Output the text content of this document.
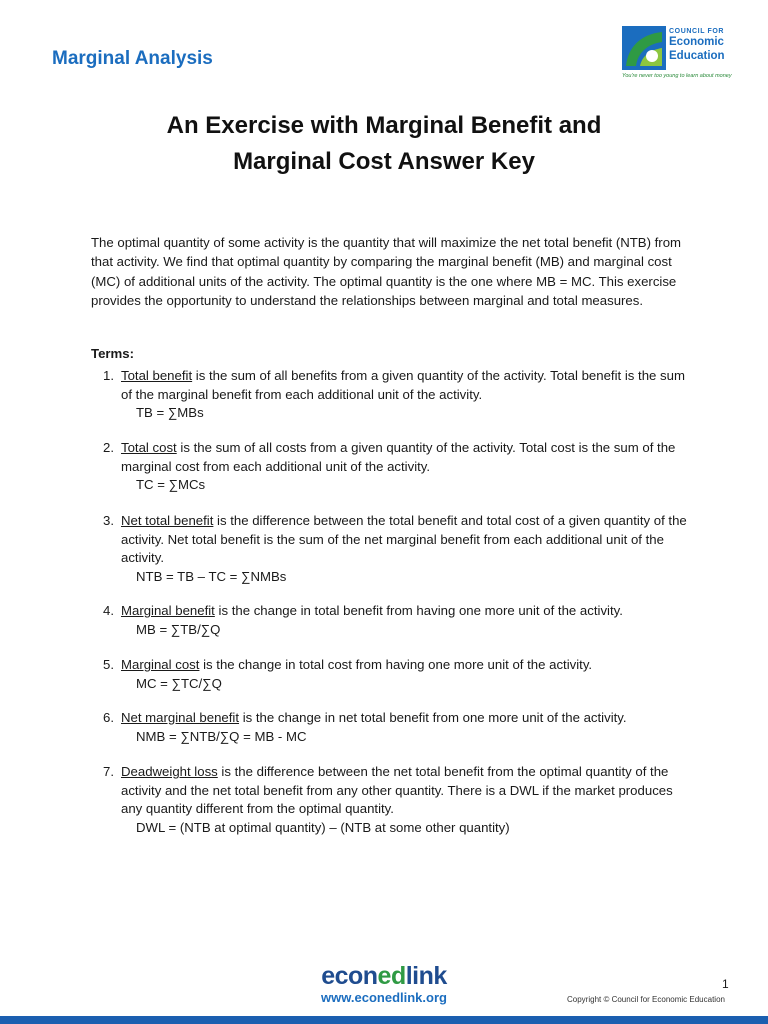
Marginal Analysis
COUNCIL FOR
Economic
Education
You're never too young to learn about money
An Exercise with Marginal Benefit and
Marginal Cost Answer Key

The optimal quantity of some activity is the quantity that will maximize the net total benefit (NTB) from that activity. We find that optimal quantity by comparing the marginal benefit (MB) and marginal cost (MC) of additional units of the activity. The optimal quantity is the one where MB = MC. This exercise provides the opportunity to understand the relationships between marginal and total measures.

Terms:
1. Total benefit is the sum of all benefits from a given quantity of the activity. Total benefit is the sum of the marginal benefit from each additional unit of the activity.
TB = ∑MBs
2. Total cost is the sum of all costs from a given quantity of the activity. Total cost is the sum of the marginal cost from each additional unit of the activity.
TC = ∑MCs
3. Net total benefit is the difference between the total benefit and total cost of a given quantity of the activity. Net total benefit is the sum of the net marginal benefit from each additional unit of the activity.
NTB = TB – TC = ∑NMBs
4. Marginal benefit is the change in total benefit from having one more unit of the activity.
MB = ∑TB/∑Q
5. Marginal cost is the change in total cost from having one more unit of the activity.
MC = ∑TC/∑Q
6. Net marginal benefit is the change in net total benefit from one more unit of the activity.
NMB = ∑NTB/∑Q = MB - MC
7. Deadweight loss is the difference between the net total benefit from the optimal quantity of the activity and the net total benefit from any other quantity. There is a DWL if the market produces any quantity different from the optimal quantity.
DWL = (NTB at optimal quantity) – (NTB at some other quantity)
econedlink
www.econedlink.org
1
Copyright © Council for Economic Education
